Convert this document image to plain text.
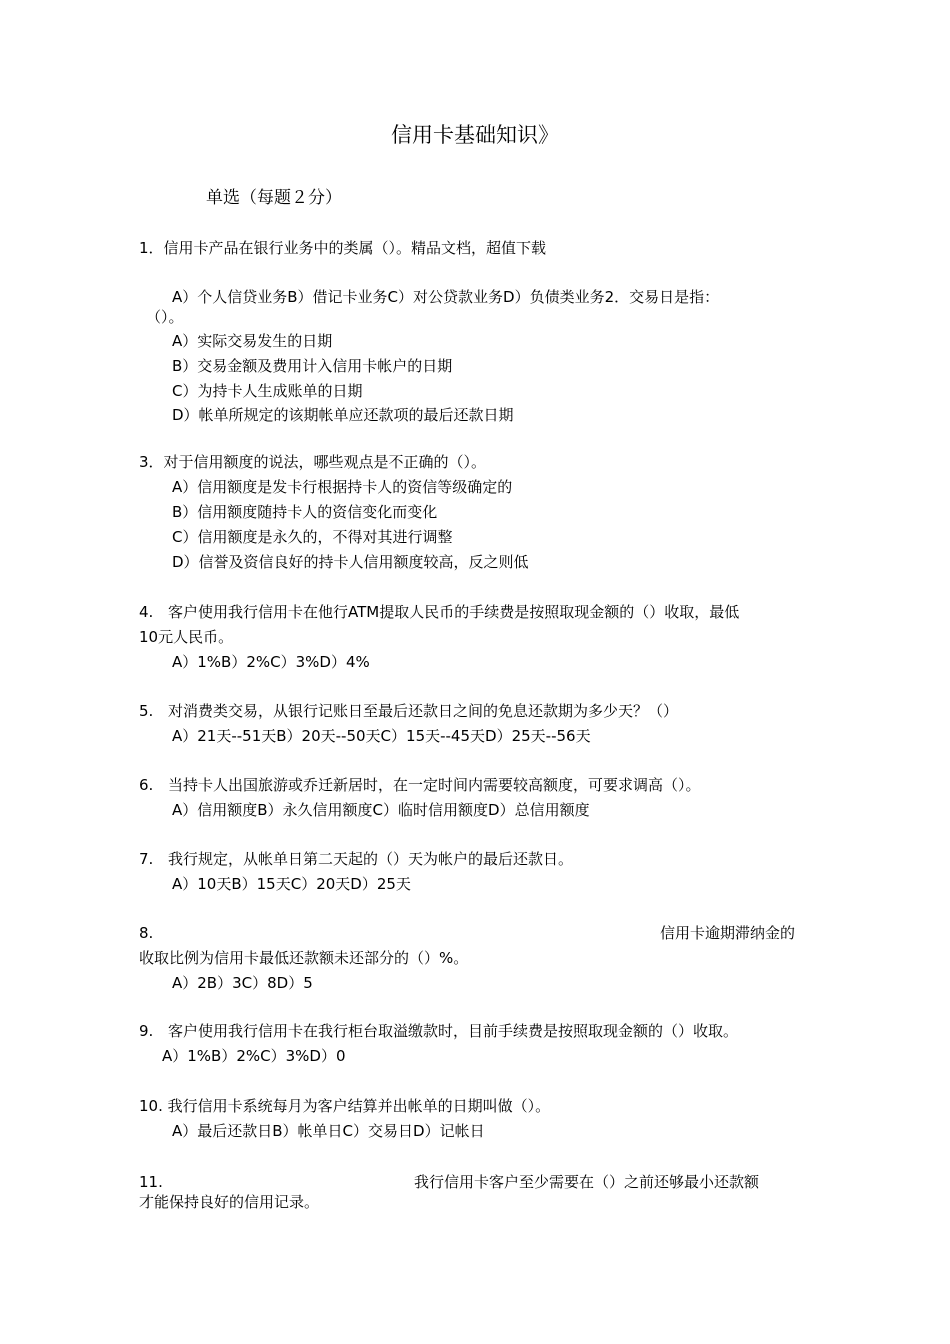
信用卡基础知识》
单选（每题２分）
1．信用卡产品在银行业务中的类属（）。精品文档，超值下载
A）个人信贷业务B）借记卡业务C）对公贷款业务D）负债类业务2．交易日是指：
（）。
A）实际交易发生的日期
B）交易金额及费用计入信用卡帐户的日期
C）为持卡人生成账单的日期
D）帐单所规定的该期帐单应还款项的最后还款日期
3．对于信用额度的说法，哪些观点是不正确的（）。
A）信用额度是发卡行根据持卡人的资信等级确定的
B）信用额度随持卡人的资信变化而变化
C）信用额度是永久的，不得对其进行调整
D）信誉及资信良好的持卡人信用额度较高，反之则低
4. 客户使用我行信用卡在他行ATM提取人民币的手续费是按照取现金额的（）收取，最低
10元人民币。
A）1%B）2%C）3%D）4%
5. 对消费类交易，从银行记账日至最后还款日之间的免息还款期为多少天？（）
A）21天--51天B）20天--50天C）15天--45天D）25天--56天
6. 当持卡人出国旅游或乔迁新居时，在一定时间内需要较高额度，可要求调高（）。
A）信用额度B）永久信用额度C）临时信用额度D）总信用额度
7. 我行规定，从帐单日第二天起的（）天为帐户的最后还款日。
A）10天B）15天C）20天D）25天
8.	信用卡逾期滞纳金的
收取比例为信用卡最低还款额未还部分的（）%。
A）2B）3C）8D）5
9. 客户使用我行信用卡在我行柜台取溢缴款时，目前手续费是按照取现金额的（）收取。
A）1%B）2%C）3%D）0
10. 我行信用卡系统每月为客户结算并出帐单的日期叫做（）。
A）最后还款日B）帐单日C）交易日D）记帐日
11.	我行信用卡客户至少需要在（）之前还够最小还款额
才能保持良好的信用记录。
